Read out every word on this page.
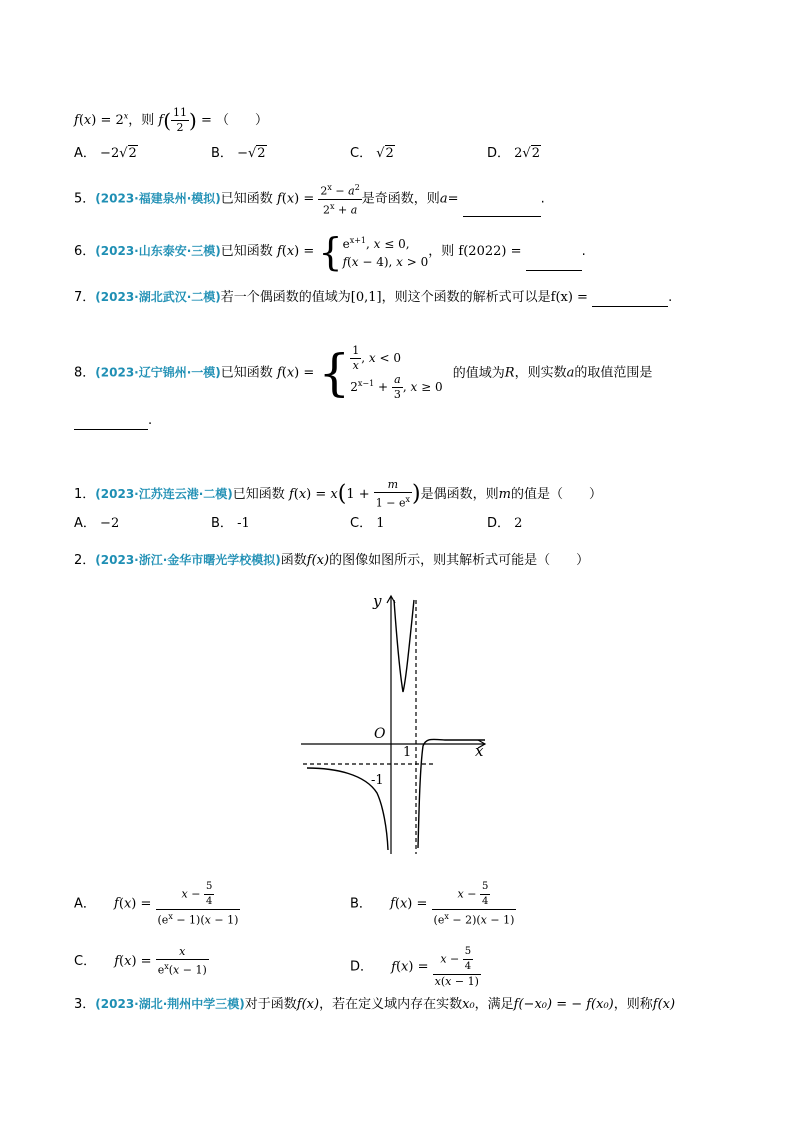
$f(x) = 2^x$，则 $f( \frac{11}{2}$ ) = （　　）
A． −2√2	B． −√2	C． √2	D． 2√2
5．(2023·福建泉州·模拟)已知函数 $f(x) = \frac{2^x - a^2}{2^x + a}$ 是奇函数，则a=	.
6．(2023·山东泰安·三模)已知函数 f(x) = { $e^{x+1}$, x ≤ 0,
f(x − 4), x > 0
，则 f(2022) =	.
7．(2023·湖北武汉·二模)若一个偶函数的值域为[0,1]，则这个函数的解析式可以是f(x) =	.
8．(2023·辽宁锦州·一模)已知函数 f(x) = { $\frac{1}{x}$ , x < 0
$2^{x-1} + \frac{a}{3}$ , x ≥ 0
的值域为R，则实数a的取值范围是
.
1．(2023·江苏连云港·二模)已知函数 $f(x) = x(1 + \frac{m}{1 - e^x}$ )是偶函数，则m的值是（　　）
A． −2	B． -1	C． 1	D． 2
2．(2023·浙江·金华市曙光学校模拟)函数f(x)的图像如图所示，则其解析式可能是（　　）
y
x
O
1
-1
A． $f(x) = \frac{x - \frac{5}{4}}{(e^x - 1)(x - 1)}$	B． $f(x) = \frac{x - \frac{5}{4}}{(e^x - 2)(x - 1)}$
C． $f(x) = \frac{x}{e^x(x - 1)}$	D． $f(x) = \frac{x - \frac{5}{4}}{x(x - 1)}$
3．(2023·湖北·荆州中学三模)对于函数f(x)，若在定义域内存在实数x₀，满足f(−x₀) = − f(x₀)，则称f(x)
